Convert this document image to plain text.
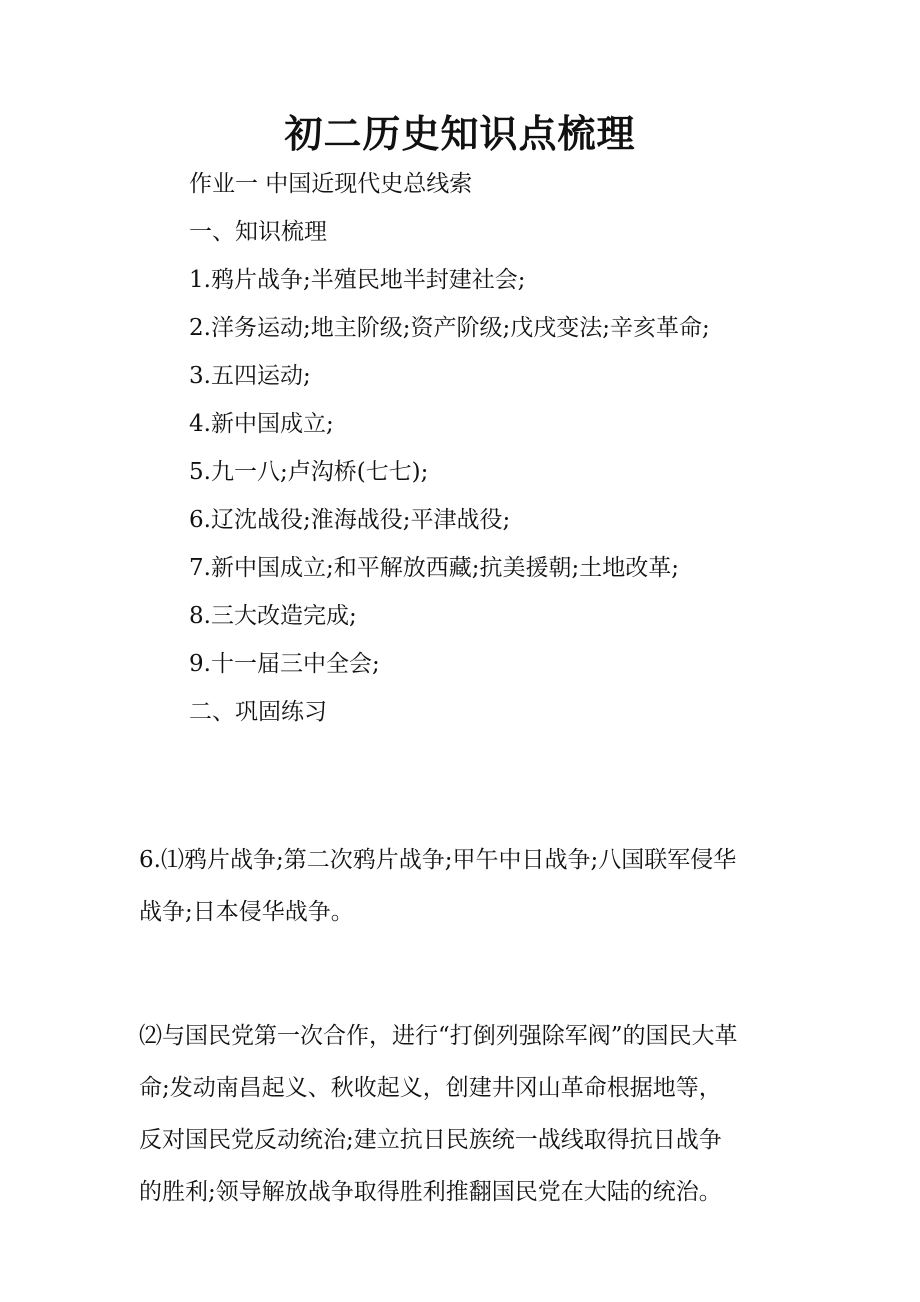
初二历史知识点梳理
作业一 中国近现代史总线索
一、知识梳理
1.鸦片战争;半殖民地半封建社会;
2.洋务运动;地主阶级;资产阶级;戊戌变法;辛亥革命;
3.五四运动;
4.新中国成立;
5.九一八;卢沟桥(七七);
6.辽沈战役;淮海战役;平津战役;
7.新中国成立;和平解放西藏;抗美援朝;土地改革;
8.三大改造完成;
9.十一届三中全会;
二、巩固练习
6.⑴鸦片战争;第二次鸦片战争;甲午中日战争;八国联军侵华
战争;日本侵华战争。
⑵与国民党第一次合作，进行“打倒列强除军阀”的国民大革
命;发动南昌起义、秋收起义，创建井冈山革命根据地等，
反对国民党反动统治;建立抗日民族统一战线取得抗日战争
的胜利;领导解放战争取得胜利推翻国民党在大陆的统治。
